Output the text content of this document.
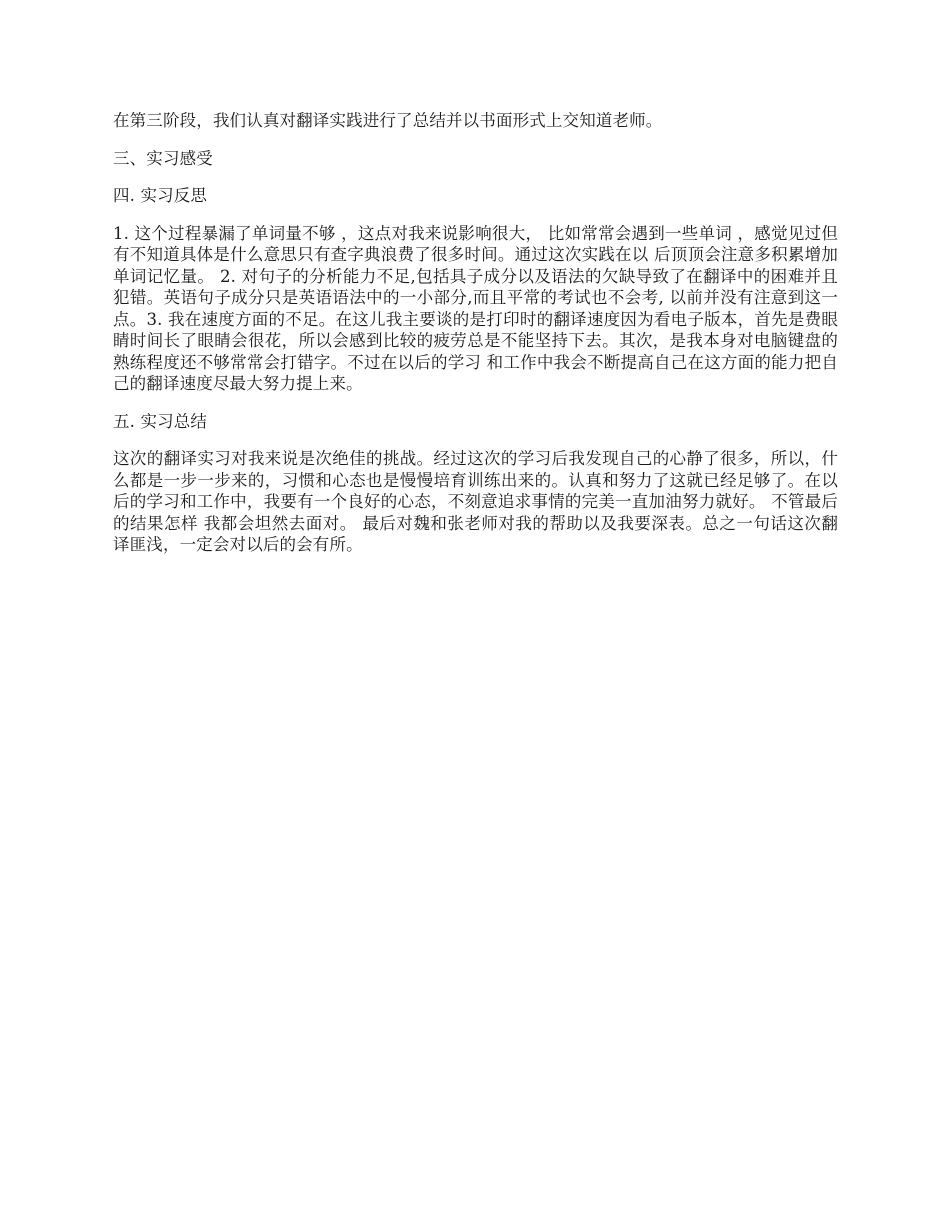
在第三阶段，我们认真对翻译实践进行了总结并以书面形式上交知道老师。

三、实习感受

四. 实习反思

1. 这个过程暴漏了单词量不够 ，这点对我来说影响很大， 比如常常会遇到一些单词 ，感觉见过但有不知道具体是什么意思只有查字典浪费了很多时间。通过这次实践在以 后顶顶会注意多积累增加单词记忆量。 2. 对句子的分析能力不足,包括具子成分以及语法的欠缺导致了在翻译中的困难并且犯错。英语句子成分只是英语语法中的一小部分,而且平常的考试也不会考, 以前并没有注意到这一点。3. 我在速度方面的不足。在这儿我主要谈的是打印时的翻译速度因为看电子版本，首先是费眼睛时间长了眼睛会很花，所以会感到比较的疲劳总是不能坚持下去。其次，是我本身对电脑键盘的熟练程度还不够常常会打错字。不过在以后的学习 和工作中我会不断提高自己在这方面的能力把自己的翻译速度尽最大努力提上来。

五. 实习总结

这次的翻译实习对我来说是次绝佳的挑战。经过这次的学习后我发现自己的心静了很多，所以，什么都是一步一步来的，习惯和心态也是慢慢培育训练出来的。认真和努力了这就已经足够了。在以后的学习和工作中，我要有一个良好的心态，不刻意追求事情的完美一直加油努力就好。 不管最后的结果怎样 我都会坦然去面对。 最后对魏和张老师对我的帮助以及我要深表。总之一句话这次翻译匪浅，一定会对以后的会有所。
